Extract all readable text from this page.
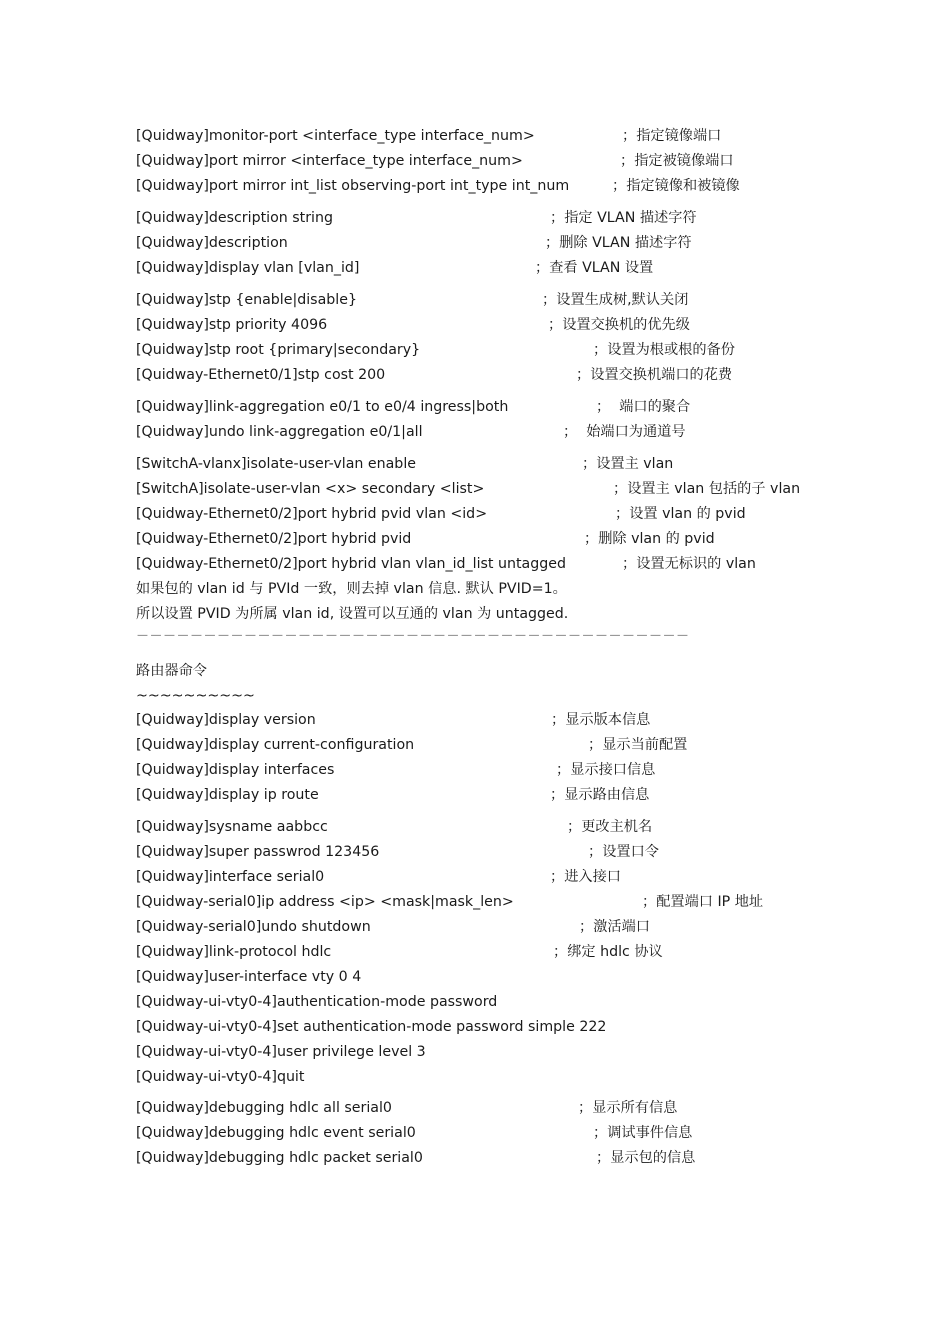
[Quidway]monitor-port <interface_type interface_num>	；指定镜像端口
[Quidway]port mirror <interface_type interface_num>	；指定被镜像端口
[Quidway]port mirror int_list observing-port int_type int_num	；指定镜像和被镜像
[Quidway]description string	；指定 VLAN 描述字符
[Quidway]description	；删除 VLAN 描述字符
[Quidway]display vlan [vlan_id]	；查看 VLAN 设置
[Quidway]stp {enable|disable}	；设置生成树,默认关闭
[Quidway]stp priority 4096	；设置交换机的优先级
[Quidway]stp root {primary|secondary}	；设置为根或根的备份
[Quidway-Ethernet0/1]stp cost 200	；设置交换机端口的花费
[Quidway]link-aggregation e0/1 to e0/4 ingress|both	；  端口的聚合
[Quidway]undo link-aggregation e0/1|all	；  始端口为通道号
[SwitchA-vlanx]isolate-user-vlan enable	；设置主 vlan
[SwitchA]isolate-user-vlan <x> secondary <list>	；设置主 vlan 包括的子 vlan
[Quidway-Ethernet0/2]port hybrid pvid vlan <id>	；设置 vlan 的 pvid
[Quidway-Ethernet0/2]port hybrid pvid	；删除 vlan 的 pvid
[Quidway-Ethernet0/2]port hybrid vlan vlan_id_list untagged	；设置无标识的 vlan
如果包的 vlan id 与 PVId 一致，则去掉 vlan 信息. 默认 PVID=1。
所以设置 PVID 为所属 vlan id, 设置可以互通的 vlan 为 untagged.
－－－－－－－－－－－－－－－－－－－－－－－－－－－－－－－－－－－－－－－－－
路由器命令
~~~~~~~~~~
[Quidway]display version	；显示版本信息
[Quidway]display current-configuration	；显示当前配置
[Quidway]display interfaces	；显示接口信息
[Quidway]display ip route	；显示路由信息
[Quidway]sysname aabbcc	；更改主机名
[Quidway]super passwrod 123456	；设置口令
[Quidway]interface serial0	；进入接口
[Quidway-serial0]ip address <ip> <mask|mask_len>	；配置端口 IP 地址
[Quidway-serial0]undo shutdown	；激活端口
[Quidway]link-protocol hdlc	；绑定 hdlc 协议
[Quidway]user-interface vty 0 4
[Quidway-ui-vty0-4]authentication-mode password
[Quidway-ui-vty0-4]set authentication-mode password simple 222
[Quidway-ui-vty0-4]user privilege level 3
[Quidway-ui-vty0-4]quit
[Quidway]debugging hdlc all serial0	；显示所有信息
[Quidway]debugging hdlc event serial0	；调试事件信息
[Quidway]debugging hdlc packet serial0	；显示包的信息
